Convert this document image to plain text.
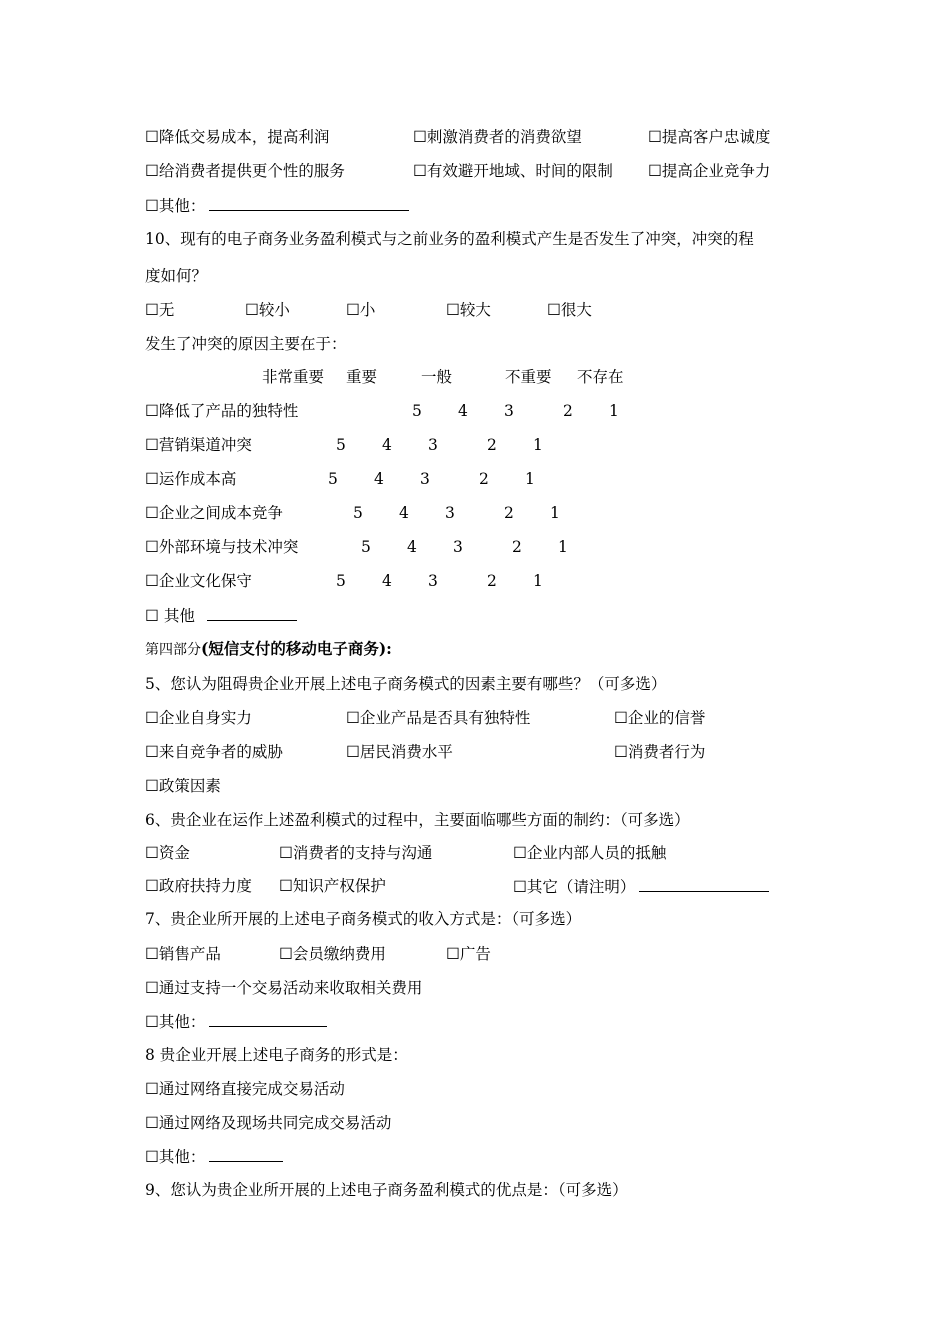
☐降低交易成本，提高利润	☐刺激消费者的消费欲望	☐提高客户忠诚度
☐给消费者提供更个性的服务	☐有效避开地域、时间的限制 ☐提高企业竞争力
☐其他：
10、现有的电子商务业务盈利模式与之前业务的盈利模式产生是否发生了冲突，冲突的程
度如何？
☐无	☐较小	☐小	☐较大	☐很大
发生了冲突的原因主要在于：
非常重要 重要	一般	不重要 不存在
☐降低了产品的独特性	5 4 3	2 1
☐营销渠道冲突	5 4 3	2 1
☐运作成本高	5 4 3	2 1
☐企业之间成本竞争	5 4 3	2 1
☐外部环境与技术冲突	5 4 3	2 1
☐企业文化保守	5 4 3	2 1
☐ 其他
第四部分(短信支付的移动电子商务):
5、您认为阻碍贵企业开展上述电子商务模式的因素主要有哪些？（可多选）
☐企业自身实力	☐企业产品是否具有独特性	☐企业的信誉
☐来自竞争者的威胁	☐居民消费水平	☐消费者行为
☐政策因素
6、贵企业在运作上述盈利模式的过程中，主要面临哪些方面的制约：（可多选）
☐资金	☐消费者的支持与沟通	☐企业内部人员的抵触
☐政府扶持力度 ☐知识产权保护	☐其它（请注明）
7、贵企业所开展的上述电子商务模式的收入方式是：（可多选）
☐销售产品	☐会员缴纳费用	☐广告
☐通过支持一个交易活动来收取相关费用
☐其他：
8 贵企业开展上述电子商务的形式是：
☐通过网络直接完成交易活动
☐通过网络及现场共同完成交易活动
☐其他：
9、您认为贵企业所开展的上述电子商务盈利模式的优点是：（可多选）
